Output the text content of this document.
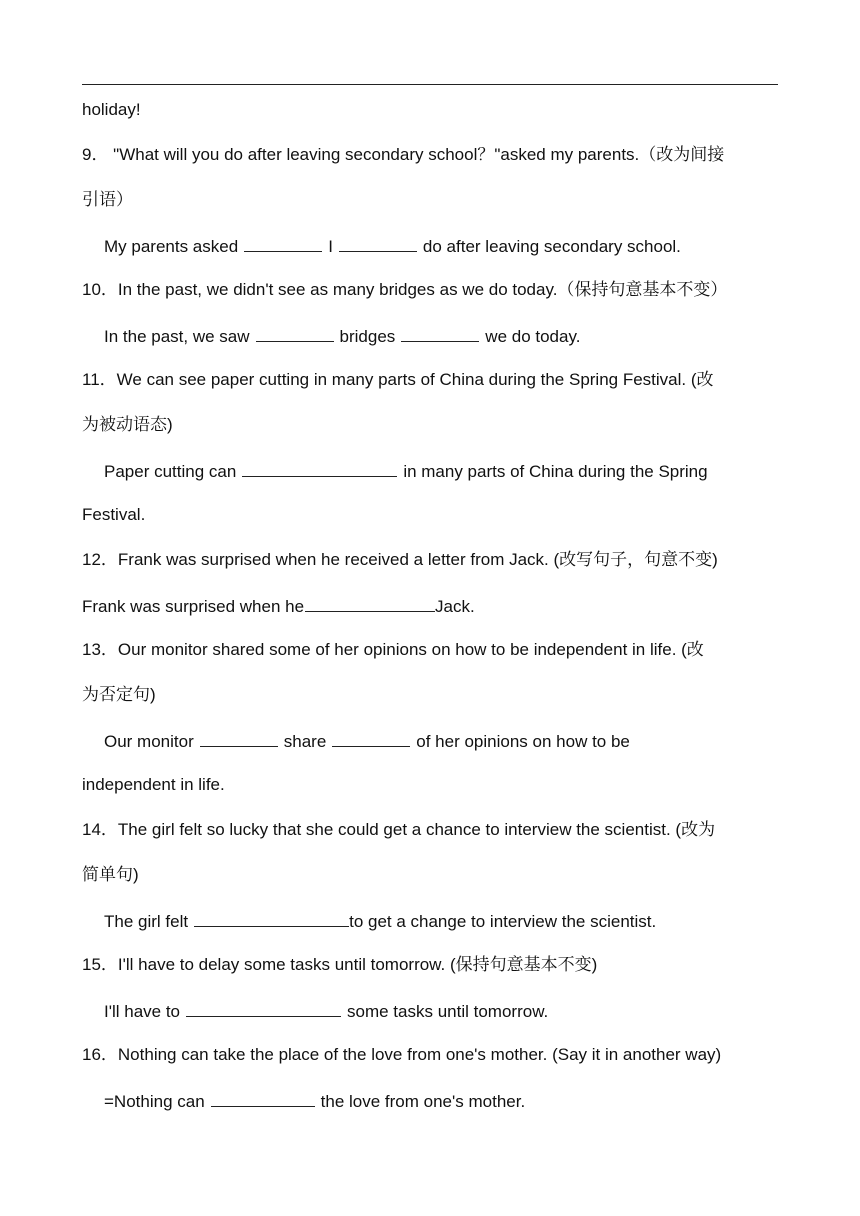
holiday!
9． "What will you do after leaving secondary school？"asked my parents.（改为间接
引语）
My parents asked	I	do after leaving secondary school.
10．In the past, we didn't see as many bridges as we do today.（保持句意基本不变）
In the past, we saw	bridges	we do today.
11．We can see paper cutting in many parts of China during the Spring Festival. (改
为被动语态)
Paper cutting can	in many parts of China during the Spring
Festival.
12．Frank was surprised when he received a letter from Jack. (改写句子，句意不变)
Frank was surprised when he	Jack.
13．Our monitor shared some of her opinions on how to be independent in life. (改
为否定句)
Our monitor	share	of her opinions on how to be
independent in life.
14．The girl felt so lucky that she could get a chance to interview the scientist. (改为
简单句)
The girl felt	to get a change to interview the scientist.
15．I'll have to delay some tasks until tomorrow. (保持句意基本不变)
I'll have to	some tasks until tomorrow.
16．Nothing can take the place of the love from one's mother. (Say it in another way)
=Nothing can	the love from one's mother.
